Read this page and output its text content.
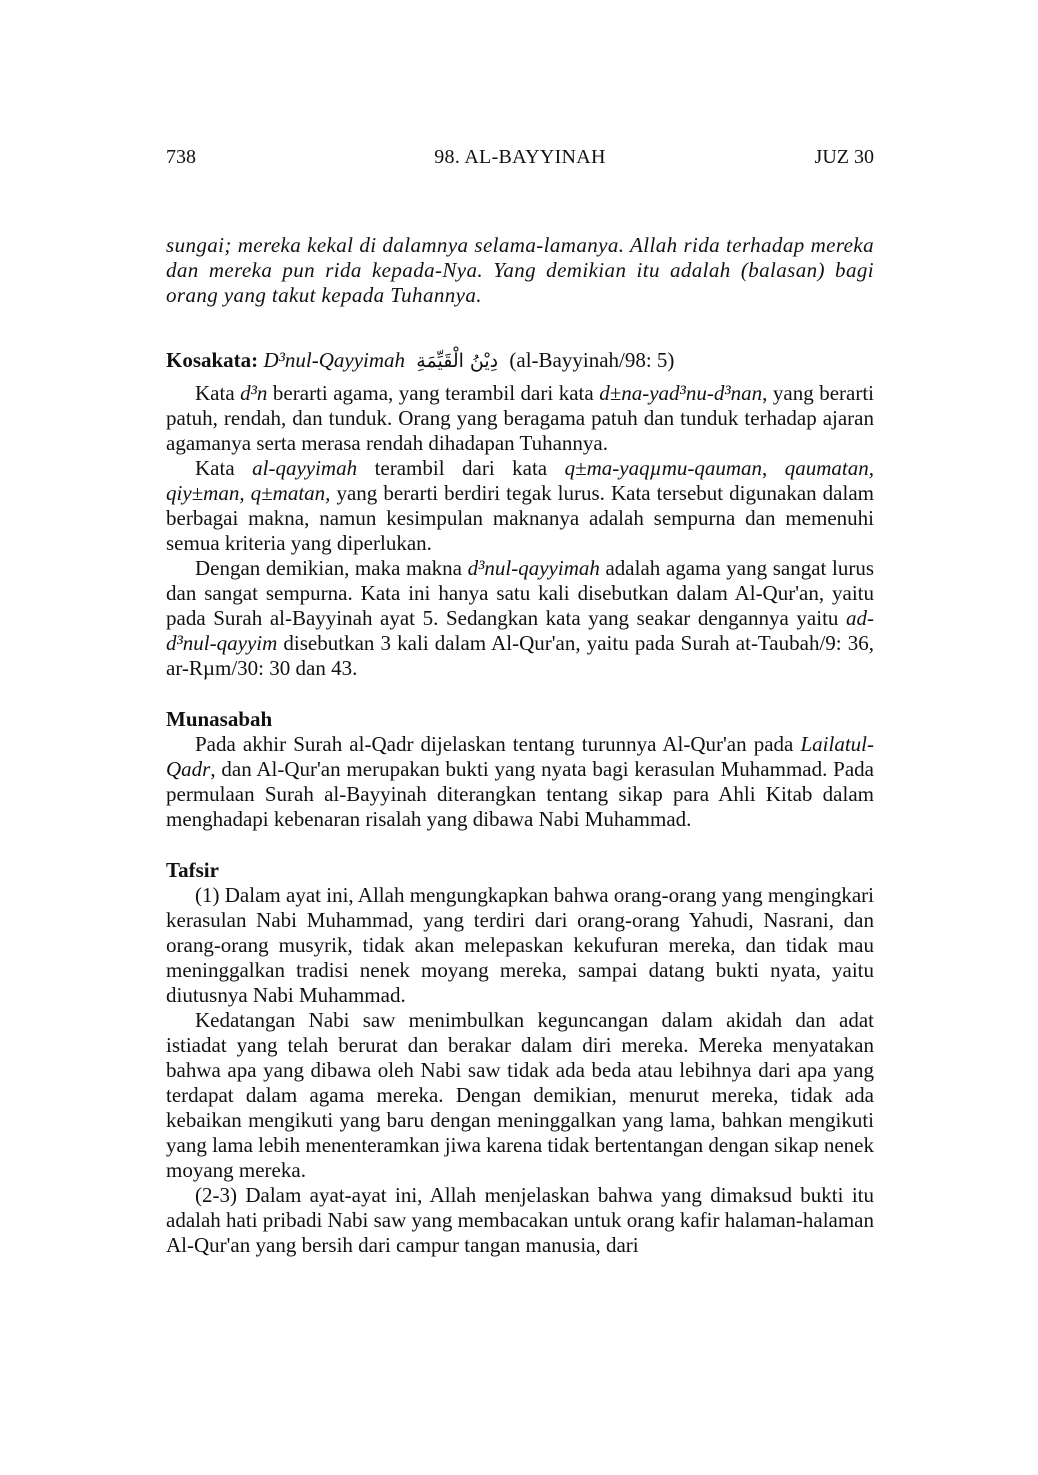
738	98. AL-BAYYINAH	JUZ 30

sungai; mereka kekal di dalamnya selama-lamanya. Allah rida terhadap mereka dan mereka pun rida kepada-Nya. Yang demikian itu adalah (balasan) bagi orang yang takut kepada Tuhannya.

Kosakata: D³nul-Qayyimah دِيْنُ الْقَيِّمَةِ (al-Bayyinah/98: 5)

Kata d³n berarti agama, yang terambil dari kata d±na-yad³nu-d³nan, yang berarti patuh, rendah, dan tunduk. Orang yang beragama patuh dan tunduk terhadap ajaran agamanya serta merasa rendah dihadapan Tuhannya.

Kata al-qayyimah terambil dari kata q±ma-yaqµmu-qauman, qaumatan, qiy±man, q±matan, yang berarti berdiri tegak lurus. Kata tersebut digunakan dalam berbagai makna, namun kesimpulan maknanya adalah sempurna dan memenuhi semua kriteria yang diperlukan.

Dengan demikian, maka makna d³nul-qayyimah adalah agama yang sangat lurus dan sangat sempurna. Kata ini hanya satu kali disebutkan dalam Al-Qur'an, yaitu pada Surah al-Bayyinah ayat 5. Sedangkan kata yang seakar dengannya yaitu ad-d³nul-qayyim disebutkan 3 kali dalam Al-Qur'an, yaitu pada Surah at-Taubah/9: 36, ar-Rµm/30: 30 dan 43.

Munasabah

Pada akhir Surah al-Qadr dijelaskan tentang turunnya Al-Qur'an pada Lailatul-Qadr, dan Al-Qur'an merupakan bukti yang nyata bagi kerasulan Muhammad. Pada permulaan Surah al-Bayyinah diterangkan tentang sikap para Ahli Kitab dalam menghadapi kebenaran risalah yang dibawa Nabi Muhammad.

Tafsir

(1) Dalam ayat ini, Allah mengungkapkan bahwa orang-orang yang mengingkari kerasulan Nabi Muhammad, yang terdiri dari orang-orang Yahudi, Nasrani, dan orang-orang musyrik, tidak akan melepaskan kekufuran mereka, dan tidak mau meninggalkan tradisi nenek moyang mereka, sampai datang bukti nyata, yaitu diutusnya Nabi Muhammad.

Kedatangan Nabi saw menimbulkan keguncangan dalam akidah dan adat istiadat yang telah berurat dan berakar dalam diri mereka. Mereka menyatakan bahwa apa yang dibawa oleh Nabi saw tidak ada beda atau lebihnya dari apa yang terdapat dalam agama mereka. Dengan demikian, menurut mereka, tidak ada kebaikan mengikuti yang baru dengan meninggalkan yang lama, bahkan mengikuti yang lama lebih menenteramkan jiwa karena tidak bertentangan dengan sikap nenek moyang mereka.

(2-3) Dalam ayat-ayat ini, Allah menjelaskan bahwa yang dimaksud bukti itu adalah hati pribadi Nabi saw yang membacakan untuk orang kafir halaman-halaman Al-Qur'an yang bersih dari campur tangan manusia, dari
